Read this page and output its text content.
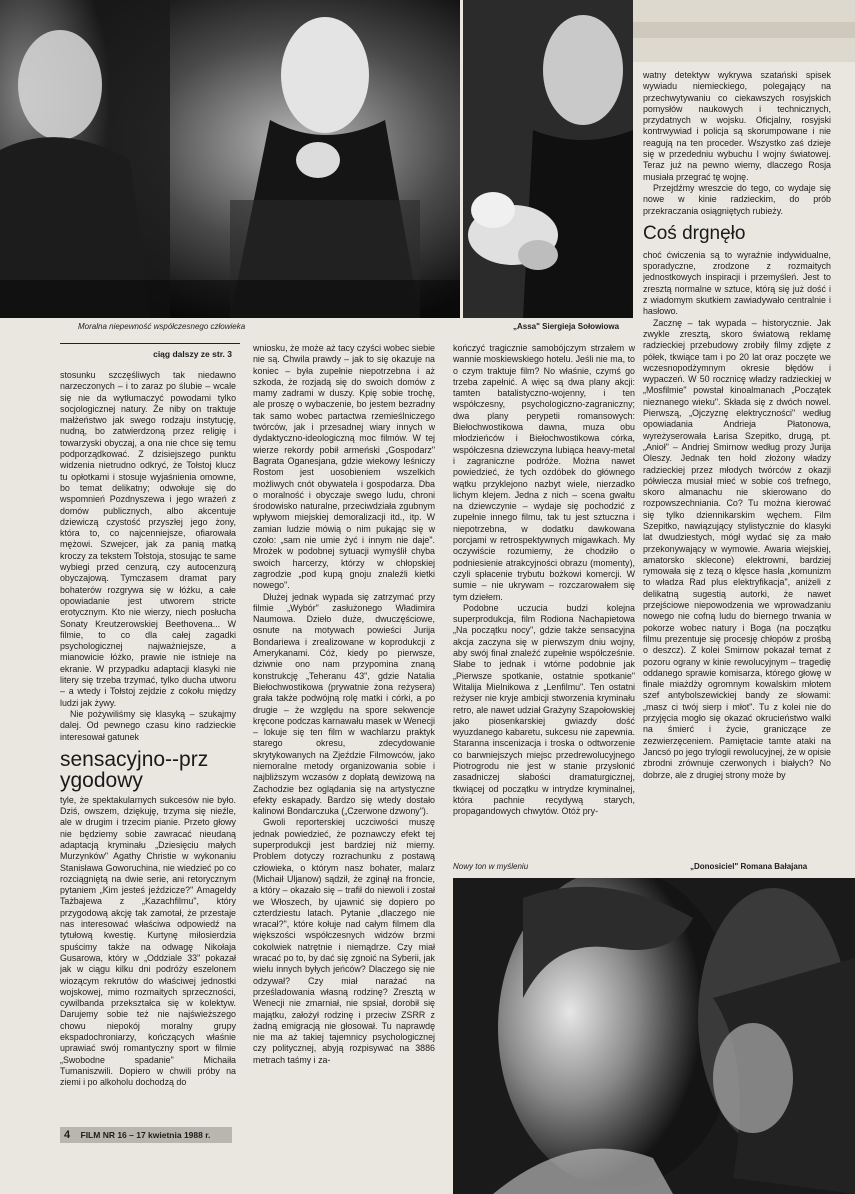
Moralna niepewność współczesnego człowieka	„Assa" Siergieja Sołowiowa
ciąg dalszy ze str. 3

stosunku szczęśliwych tak niedawno narzeczonych – i to zaraz po ślubie – wcale się nie da wytłumaczyć powodami tylko socjologicznej natury. Że niby on traktuje małżeństwo jak swego rodzaju instytucję, nudną, bo zatwierdzoną przez religię i towarzyski obyczaj, a ona nie chce się temu podporządkować. Z dzisiejszego punktu widzenia nietrudno odkryć, że Tołstoj klucz tu opłotkami i stosuje wyjaśnienia omowne, bo temat delikatny; odwołuje się do wspomnień Pozdnyszewa i jego wrażeń z domów publicznych, albo akcentuje dziewiczą czystość przyszłej jego żony, która to, co najcenniejsze, ofiarowała mężowi. Szwejcer, jak za panią matką kroczy za tekstem Tołstoja, stosując te same wybiegi przed cenzurą, czy autocenzurą obyczajową. Tymczasem dramat pary bohaterów rozgrywa się w łóżku, a całe opowiadanie jest utworem stricte erotycznym. Kto nie wierzy, niech posłucha Sonaty Kreutzerowskiej Beethovena... W filmie, to co dla całej zagadki psychologicznej najważniejsze, a mianowicie łóżko, prawie nie istnieje na ekranie. W przypadku adaptacji klasyki nie litery się trzeba trzymać, tylko ducha utworu – a wtedy i Tołstoj zejdzie z cokołu między ludzi jak żywy.

Nie pożywiliśmy się klasyką – szukajmy dalej. Od pewnego czasu kino radzieckie interesował gatunek

sensacyjno--przygodowy

tyle, że spektakularnych sukcesów nie było. Dziś, owszem, dziękuję, trzyma się nieźle, ale w drugim i trzecim pianie. Przeto głowy nie będziemy sobie zawracać nieudaną adaptacją kryminału „Dziesięciu małych Murzynków" Agathy Christie w wykonaniu Stanisława Goworuchina, nie wiedzieć po co rozciągniętą na dwie serie, ani retorycznym pytaniem „Kim jesteś jeździcze?" Amageldy Tażbajewa z „Kazachfilmu", który przygodową akcję tak zamotał, że przestaje nas interesować właściwa odpowiedź na tytułową kwestię. Kurtynę miłosierdzia spuścimy także na odwagę Nikołaja Gusarowa, który w „Oddziale 33" pokazał jak w ciągu kilku dni podróży eszelonem wiozącym rekrutów do właściwej jednostki wojskowej, mimo rozmaitych sprzeczności, cywilbanda przekształca się w kolektyw. Darujemy sobie też nie najświeższego chowu niepokój moralny grupy ekspadochroniarzy, kończących właśnie uprawiać swój romantyczny sport w filmie „Swobodne spadanie" Michaiła Tumaniszwili. Dopiero w chwili próby na ziemi i po alkoholu dochodzą do

wniosku, że może aż tacy czyści wobec siebie nie są. Chwila prawdy – jak to się okazuje na koniec – była zupełnie niepotrzebna i aż szkoda, że rozjadą się do swoich domów z mamy zadrami w duszy. Kpię sobie trochę, ale proszę o wybaczenie, bo jestem bezradny tak samo wobec partactwa rzemieślniczego twórców, jak i przesadnej wiary innych w dydaktyczno-ideologiczną moc filmów. W tej wierze rekordy pobił armeński „Gospodarz" Bagrata Oganesjana, gdzie wiekowy leśniczy Rostom jest uosobieniem wszelkich możliwych cnót obywatela i gospodarza. Dba o moralność i obyczaje swego ludu, chroni środowisko naturalne, przeciwdziała zgubnym wpływom miejskiej demoralizacji itd., itp. W zamian ludzie mówią o nim pukając się w czoło: „sam nie umie żyć i innym nie daje". Mrożek w podobnej sytuacji wymyślił chyba swoich harcerzy, którzy w chłopskiej zagrodzie „pod kupą gnoju znaleźli kietki nowego".

Dłużej jednak wypada się zatrzymać przy filmie „Wybór" zasłużonego Władimira Naumowa. Dzieło duże, dwuczęściowe, osnute na motywach powieści Jurija Bondariewa i zrealizowane w koprodukcji z Amerykanami. Cóż, kiedy po pierwsze, dziwnie ono nam przypomina znaną konstrukcję „Teheranu 43", gdzie Natalia Biełochwostikowa (prywatnie żona reżysera) grała także podwójną rolę matki i córki, a po drugie – że względu na spore sekwencje kręcone podczas karnawału masek w Wenecji – lokuje się ten film w wachlarzu praktyk starego okresu, zdecydowanie skrytykowanych na Zjeździe Filmowców, jako niemoralne metody organizowania sobie i najbliższym wczasów z dopłatą dewizową na Zachodzie bez oglądania się na artystyczne efekty eskapady. Bardzo się wtedy dostało kalinowi Bondarczuka („Czerwone dzwony").

Gwoli reporterskiej uczciwości muszę jednak powiedzieć, że poznawczy efekt tej superprodukcji jest bardziej niż mierny. Problem dotyczy rozrachunku z postawą człowieka, o którym nasz bohater, malarz (Michaił Uljanow) sądził, że zginął na froncie, a który – okazało się – trafił do niewoli i został we Włoszech, by ujawnić się dopiero po czterdziestu latach. Pytanie „dlaczego nie wracał?", które kołuje nad całym filmem dla większości współczesnych widzów brzmi cokolwiek natrętnie i niemądrze. Czy miał wracać po to, by dać się zgnoić na Syberii, jak wielu innych byłych jeńców? Dlaczego się nie odzywał? Czy miał narażać na prześladowania własną rodzinę? Zresztą w Wenecji nie zmarniał, nie spsiał, dorobił się majątku, założył rodzinę i przeciw ZSRR z żadną emigracją nie głosował. Tu naprawdę nie ma aż takiej tajemnicy psychologicznej czy politycznej, abyją rozpisywać na 3886 metrach taśmy i za-

kończyć tragicznie samobójczym strzałem w wannie moskiewskiego hotelu. Jeśli nie ma, to o czym traktuje film? No właśnie, czymś go trzeba zapełnić. A więc są dwa plany akcji: tamten batalistyczno-wojenny, i ten współczesny, psychologiczno-zagraniczny; dwa plany perypetii romansowych: Biełochwostikowa dawna, muza obu młodzieńców i Biełochwostikowa córka, współczesna dziewczyna lubiąca heavy-metal i zagraniczne podróże. Można nawet powiedzieć, że tych ozdóbek do głównego wątku przyklejono nazbyt wiele, nierzadko lichym klejem. Jedna z nich – scena gwałtu na dziewczynie – wydaje się pochodzić z zupełnie innego filmu, tak tu jest sztuczna i niepotrzebna, w dodatku dawkowana porcjami w retrospektywnych migawkach. My oczywiście rozumiemy, że chodziło o podniesienie atrakcyjności obrazu (momenty), czyli spłacenie trybutu bożkowi komercji. W sumie – nie ukrywam – rozczarowałem się tym dziełem.

Podobne uczucia budzi kolejna superprodukcja, film Rodiona Nachapietowa „Na początku nocy", gdzie także sensacyjna akcja zaczyna się w pierwszym dniu wojny, aby swój finał znaleźć zupełnie współcześnie. Słabe to jednak i wtórne podobnie jak „Pierwsze spotkanie, ostatnie spotkanie" Witalija Mielnikowa z „Lenfilmu". Ten ostatni reżyser nie kryje ambicji stworzenia kryminału retro, ale nawet udział Grażyny Szapołowskiej jako piosenkarskiej gwiazdy dość wyuzdanego kabaretu, sukcesu nie zapewnia. Staranna inscenizacja i troska o odtworzenie co barwniejszych miejsc przedrewolucyjnego Piotrogrodu nie jest w stanie przysłonić zasadniczej słabości dramaturgicznej, tkwiącej od początku w intrydze kryminalnej, która pachnie recydywą starych, propagandowych chwytów. Otóż pry-

watny detektyw wykrywa szatański spisek wywiadu niemieckiego, polegający na przechwytywaniu co ciekawszych rosyjskich pomysłów naukowych i technicznych, przydatnych w wojsku. Oficjalny, rosyjski kontrwywiad i policja są skorumpowane i nie reagują na ten proceder. Wszystko zaś dzieje się w przededniu wybuchu I wojny światowej. Teraz już na pewno wiemy, dlaczego Rosja musiała przegrać tę wojnę.

Przejdźmy wreszcie do tego, co wydaje się nowe w kinie radzieckim, do prób przekraczania osiągniętych rubieży.

Coś drgnęło

choć ćwiczenia są to wyraźnie indywidualne, sporadyczne, zrodzone z rozmaitych jednostkowych inspiracji i przemyśleń. Jest to zresztą normalne w sztuce, którą się już dość i z wiadomym skutkiem zawiadywało centralnie i hasłowo.

Zacznę – tak wypada – historycznie. Jak zwykle zresztą, skoro światową reklamę radzieckiej przebudowy zrobiły filmy zdjęte z półek, tkwiące tam i po 20 lat oraz poczęte we wczesnopodżymnym okresie błędów i wypaczeń. W 50 rocznicę władzy radzieckiej w „Mosfilmie" powstał kinoalmanach „Początek nieznanego wieku". Składa się z dwóch nowel. Pierwszą, „Ojczyznę elektryczności" według opowiadania Andrieja Płatonowa, wyreżyserowała Łarisa Szepitko, drugą, pt. „Anioł" – Andriej Smirnow według prozy Jurija Oleszy. Jednak ten hołd złożony władzy radzieckiej przez młodych twórców z okazji półwiecza musiał mieć w sobie coś trefnego, skoro almanachu nie skierowano do rozpowszechniania. Co? Tu można kierować się tylko dziennikarskim węchem. Film Szepitko, nawiązujący stylistycznie do klasyki lat dwudziestych, mógł wydać się za mało przekonywający w wymowie. Awaria wiejskiej, amatorsko sklecone) elektrowni, bardziej rymowała się z tezą o klęsce hasła „komunizm to władza Rad plus elektryfikacja", aniżeli z delikatną sugestią autorki, że nawet przejściowe niepowodzenia we wprowadzaniu nowego nie cofną ludu do biernego trwania w pokorze wobec natury i Boga (na początku filmu prezentuje się procesję chłopów z prośbą o deszcz). Z kolei Smirnow pokazał temat z pozoru ograny w kinie rewolucyjnym – tragedię oddanego sprawie komisarza, którego głowę w finale miażdży ogromnym kowalskim młotem szef antybolszewickiej bandy ze słowami: „masz ci twój sierp i młot". Tu z kolei nie do przyjęcia mogło się okazać okrucieństwo walki na śmierć i życie, graniczące ze zezwierzęceniem. Pamiętacie tamte ataki na Jancsó po jego trylogii rewolucyjnej, że w opisie zbrodni zrównuje czerwonych i białych? No dobrze, ale z drugiej strony może by

Nowy ton w myśleniu	„Donosiciel" Romana Bałajana
4 FILM NR 16 – 17 kwietnia 1988 r.
